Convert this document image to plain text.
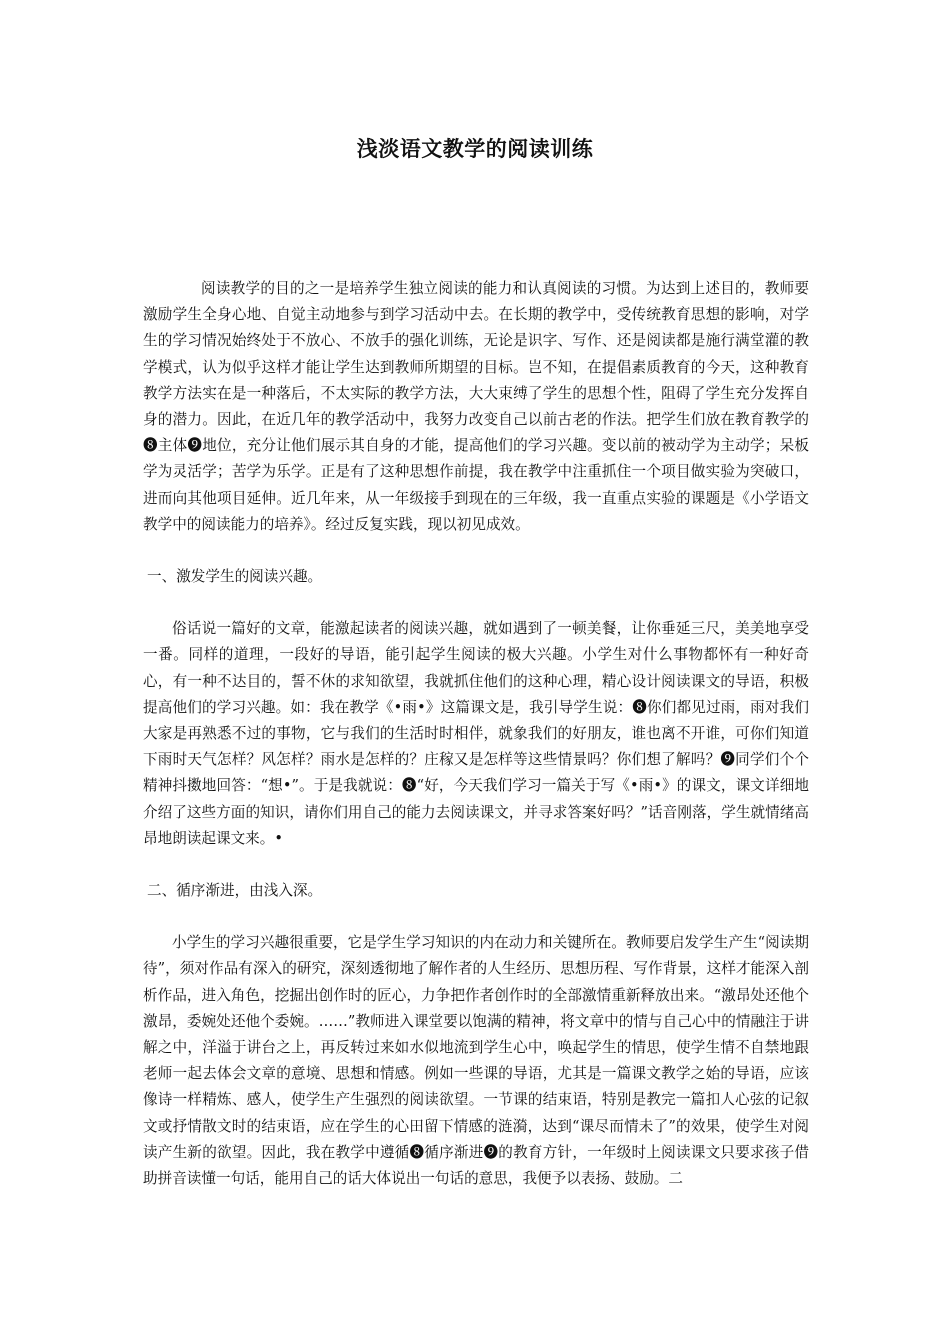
浅淡语文教学的阅读训练

阅读教学的目的之一是培养学生独立阅读的能力和认真阅读的习惯。为达到上述目的，教师要激励学生全身心地、自觉主动地参与到学习活动中去。在长期的教学中，受传统教育思想的影响，对学生的学习情况始终处于不放心、不放手的强化训练，无论是识字、写作、还是阅读都是施行满堂灌的教学模式，认为似乎这样才能让学生达到教师所期望的目标。岂不知，在提倡素质教育的今天，这种教育教学方法实在是一种落后，不太实际的教学方法，大大束缚了学生的思想个性，阻碍了学生充分发挥自身的潜力。因此，在近几年的教学活动中，我努力改变自己以前古老的作法。把学生们放在教育教学的❽主体❾地位，充分让他们展示其自身的才能，提高他们的学习兴趣。变以前的被动学为主动学；呆板学为灵活学；苦学为乐学。正是有了这种思想作前提，我在教学中注重抓住一个项目做实验为突破口，进而向其他项目延伸。近几年来，从一年级接手到现在的三年级，我一直重点实验的课题是《小学语文教学中的阅读能力的培养》。经过反复实践，现以初见成效。

一、激发学生的阅读兴趣。

俗话说一篇好的文章，能激起读者的阅读兴趣，就如遇到了一顿美餐，让你垂延三尺，美美地享受一番。同样的道理，一段好的导语，能引起学生阅读的极大兴趣。小学生对什么事物都怀有一种好奇心，有一种不达目的，誓不休的求知欲望，我就抓住他们的这种心理，精心设计阅读课文的导语，积极提高他们的学习兴趣。如：我在教学《•雨•》这篇课文是，我引导学生说：❽你们都见过雨，雨对我们大家是再熟悉不过的事物，它与我们的生活时时相伴，就象我们的好朋友，谁也离不开谁，可你们知道下雨时天气怎样？风怎样？雨水是怎样的？庄稼又是怎样等这些情景吗？你们想了解吗？❾同学们个个精神抖擞地回答：“想•”。于是我就说：❽“好，今天我们学习一篇关于写《•雨•》的课文，课文详细地介绍了这些方面的知识，请你们用自己的能力去阅读课文，并寻求答案好吗？”话音刚落，学生就情绪高昂地朗读起课文来。•

二、循序渐进，由浅入深。

小学生的学习兴趣很重要，它是学生学习知识的内在动力和关键所在。教师要启发学生产生“阅读期待”，须对作品有深入的研究，深刻透彻地了解作者的人生经历、思想历程、写作背景，这样才能深入剖析作品，进入角色，挖掘出创作时的匠心，力争把作者创作时的全部激情重新释放出来。“激昂处还他个激昂，委婉处还他个委婉。……”教师进入课堂要以饱满的精神，将文章中的情与自己心中的情融注于讲解之中，洋溢于讲台之上，再反转过来如水似地流到学生心中，唤起学生的情思，使学生情不自禁地跟老师一起去体会文章的意境、思想和情感。例如一些课的导语，尤其是一篇课文教学之始的导语，应该像诗一样精炼、感人，使学生产生强烈的阅读欲望。一节课的结束语，特别是教完一篇扣人心弦的记叙文或抒情散文时的结束语，应在学生的心田留下情感的涟漪，达到“课尽而情未了”的效果，使学生对阅读产生新的欲望。因此，我在教学中遵循❽循序渐进❾的教育方针，一年级时上阅读课文只要求孩子借助拼音读懂一句话，能用自己的话大体说出一句话的意思，我便予以表扬、鼓励。二
